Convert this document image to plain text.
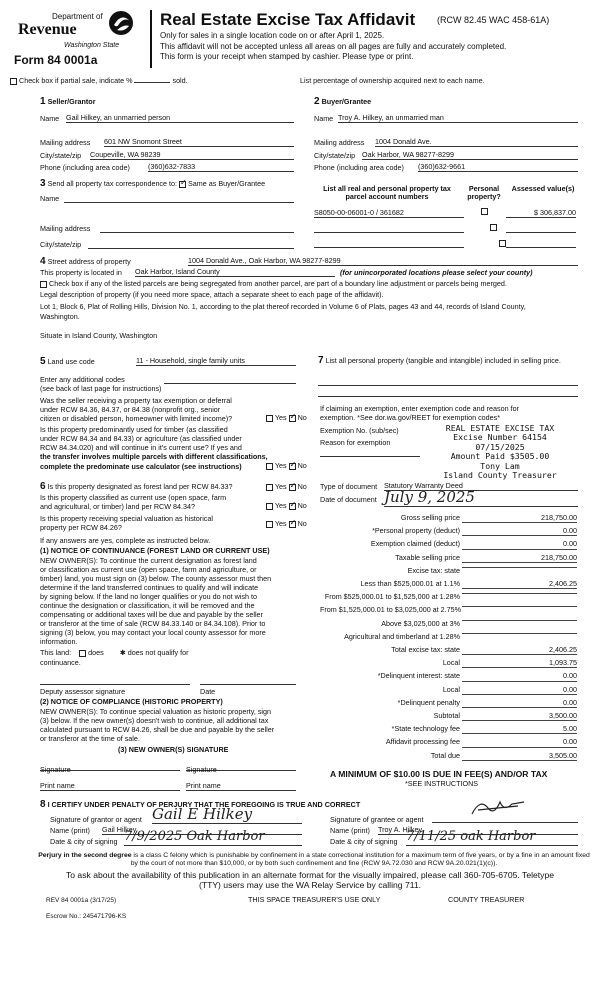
Department of
Revenue
Washington State
Form 84 0001a
Real Estate Excise Tax Affidavit (RCW 82.45 WAC 458-61A)
Only for sales in a single location code on or after April 1, 2025.
This affidavit will not be accepted unless all areas on all pages are fully and accurately completed.
This form is your receipt when stamped by cashier. Please type or print.
Check box if partial sale, indicate %	sold.	List percentage of ownership acquired next to each name.
1 Seller/Grantor
Name Gail Hilkey, an unmarried person
Mailing address 601 NW Snomont Street
City/state/zip Coupeville, WA 98239
Phone (including area code)	(360)632-7833
2 Buyer/Grantee
Name Troy A. Hilkey, an unmarried man
Mailing address 1004 Donald Ave.
City/state/zip Oak Harbor, WA 98277-8299
Phone (including area code) (360)632-9661
3 Send all property tax correspondence to: ✓ Same as Buyer/Grantee
Name
Mailing address
City/state/zip
List all real and personal property tax parcel account numbers
Personal property?
Assessed value(s)
S8050-00-06001-0 / 361682
	$ 306,837.00

4 Street address of property	1004 Donald Ave., Oak Harbor, WA 98277-8299
This property is located in Oak Harbor, Island County	(for unincorporated locations please select your county)
Check box if any of the listed parcels are being segregated from another parcel, are part of a boundary line adjustment or parcels being merged.
Legal description of property (if you need more space, attach a separate sheet to each page of the affidavit).
Lot 1, Block 6, Plat of Rolling Hills, Division No. 1, according to the plat thereof recorded in Volume 6 of Plats, pages 43 and 44, records of Island County,
Washington.
Situate in Island County, Washington
5 Land use code	11 - Household, single family units
Enter any additional codes
(see back of last page for instructions)
Was the seller receiving a property tax exemption or deferral
under RCW 84.36, 84.37, or 84.38 (nonprofit org., senior
citizen or disabled person, homeowner with limited income)?	Yes ✓ No
Is this property predominantly used for timber (as classified
under RCW 84.34 and 84.33) or agriculture (as classified under
RCW 84.34.020) and will continue in it's current use? If yes and
the transfer involves multiple parcels with different classifications,
complete the predominate use calculator (see instructions)	Yes ✓ No
6 Is this property designated as forest land per RCW 84.33?	Yes ✓ No
Is this property classified as current use (open space, farm
and agricultural, or timber) land per RCW 84.34?	Yes ✓ No
Is this property receiving special valuation as historical
property per RCW 84.26?	Yes ✓ No
If any answers are yes, complete as instructed below.
(1) NOTICE OF CONTINUANCE (FOREST LAND OR CURRENT USE)
NEW OWNER(S): To continue the current designation as forest land
or classification as current use (open space, farm and agriculture, or
timber) land, you must sign on (3) below. The county assessor must then
determine if the land transferred continues to qualify and will indicate
by signing below. If the land no longer qualifies or you do not wish to
continue the designation or classification, it will be removed and the
compensating or additional taxes will be due and payable by the seller
or transferor at the time of sale (RCW 84.33.140 or 84.34.108). Prior to
signing (3) below, you may contact your local county assessor for more
information.
This land: does ✱ does not qualify for
continuance.
Deputy assessor signature	Date
(2) NOTICE OF COMPLIANCE (HISTORIC PROPERTY)
NEW OWNER(S): To continue special valuation as historic property, sign
(3) below. If the new owner(s) doesn't wish to continue, all additional tax
calculated pursuant to RCW 84.26, shall be due and payable by the seller
or transferor at the time of sale.
(3) NEW OWNER(S) SIGNATURE
Signature	Signature
Print name	Print name
7 List all personal property (tangible and intangible) included in selling price.
If claiming an exemption, enter exemption code and reason for
exemption. *See dor.wa.gov/REET for exemption codes*
Exemption No. (sub/sec)
Reason for exemption
REAL ESTATE EXCISE TAX
Excise Number 64154
07/15/2025
Amount Paid $3505.00
Tony Lam
Island County Treasurer
Type of document Statutory Warranty Deed
Date of document July 9, 2025
Gross selling price	218,750.00
*Personal property (deduct)	0.00
Exemption claimed (deduct)	0.00
Taxable selling price	218,750.00
Excise tax: state
Less than $525,000.01 at 1.1%	2,406.25
From $525,000.01 to $1,525,000 at 1.28%
From $1,525,000.01 to $3,025,000 at 2.75%
Above $3,025,000 at 3%
Agricultural and timberland at 1.28%
Total excise tax: state	2,406.25
Local	1,093.75
*Delinquent interest: state	0.00
Local	0.00
*Delinquent penalty	0.00
Subtotal	3,500.00
*State technology fee	5.00
Affidavit processing fee	0.00
Total due	3,505.00
A MINIMUM OF $10.00 IS DUE IN FEE(S) AND/OR TAX
*SEE INSTRUCTIONS
8 I CERTIFY UNDER PENALTY OF PERJURY THAT THE FOREGOING IS TRUE AND CORRECT
Signature of grantor or agent Gail E Hilkey
Name (print) Gail Hilkey
Date & city of signing 7/9/2025 Oak Harbor
Signature of grantee or agent
Name (print) Troy A. Hilkey
Date & city of signing 7/11/25 oak Harbor
Perjury in the second degree is a class C felony which is punishable by confinement in a state correctional institution for a maximum term of five years, or by a fine in an amount fixed by the court of not more than $10,000, or by both such confinement and fine (RCW 9A.72.030 and RCW 9A.20.021(1)(c)).
To ask about the availability of this publication in an alternate format for the visually impaired, please call 360-705-6705. Teletype
(TTY) users may use the WA Relay Service by calling 711.
REV 84 0001a (3/17/25)	THIS SPACE TREASURER'S USE ONLY	COUNTY TREASURER
Escrow No.: 245471796-KS
